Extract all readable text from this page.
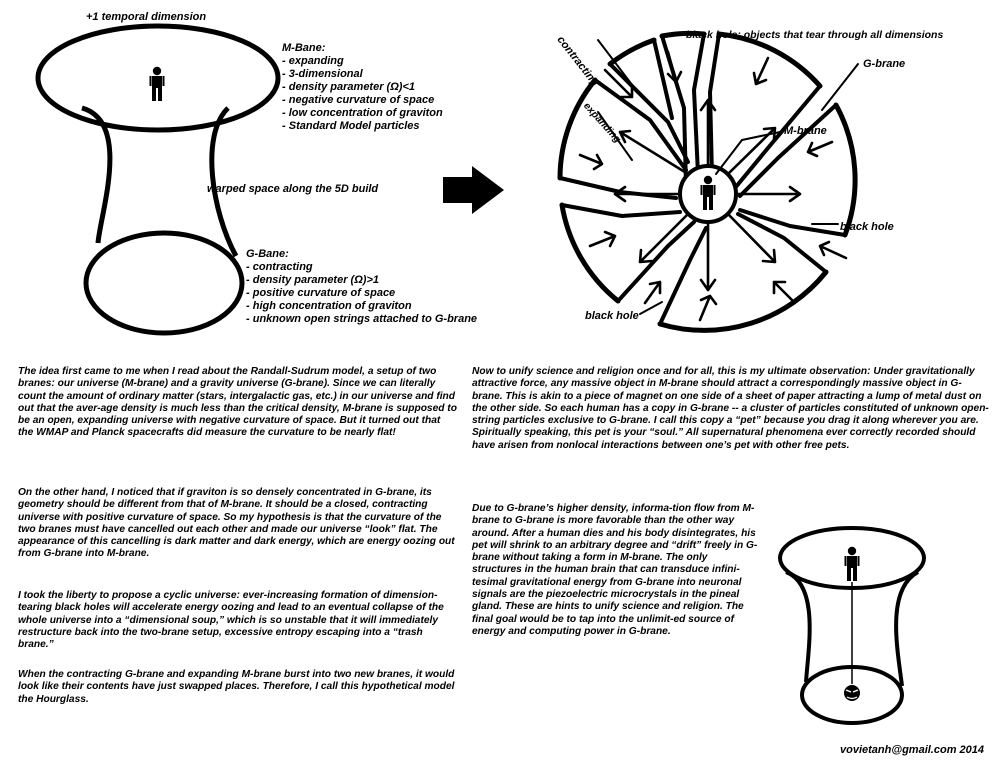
+1 temporal dimension

M-Bane:
- expanding
- 3-dimensional
- density parameter (Ω)<1
- negative curvature of space
- low concentration of graviton
- Standard Model particles

warped space along the 5D build

G-Bane:
- contracting
- density parameter (Ω)>1
- positive curvature of space
- high concentration of graviton
- unknown open strings attached to G-brane

contracting

expanding

black hole: objects that tear through all dimensions

G-brane

M-brane

black hole

black hole

The idea first came to me when I read about the Randall-Sudrum model, a setup of two branes: our universe (M-brane) and a gravity universe (G-brane). Since we can literally count the amount of ordinary matter (stars, intergalactic gas, etc.) in our universe and find out that the aver-age density is much less than the critical density, M-brane is supposed to be an open, expanding universe with negative curvature of space. But it turned out that the WMAP and Planck spacecrafts did measure the curvature to be nearly flat!

On the other hand, I noticed that if graviton is so densely concentrated in G-brane, its geometry should be different from that of M-brane. It should be a closed, contracting universe with positive curvature of space. So my hypothesis is that the curvature of the two branes must have cancelled out each other and made our universe “look” flat. The appearance of this cancelling is dark matter and dark energy, which are energy oozing out from G-brane into M-brane.

I took the liberty to propose a cyclic universe: ever-increasing formation of dimension-tearing black holes will accelerate energy oozing and lead to an eventual collapse of the whole universe into a “dimensional soup,” which is so unstable that it will immediately restructure back into the two-brane setup, excessive entropy escaping into a “trash brane.”

When the contracting G-brane and expanding M-brane burst into two new branes, it would look like their contents have just swapped places. Therefore, I call this hypothetical model the Hourglass.

Now to unify science and religion once and for all, this is my ultimate observation: Under gravitationally attractive force, any massive object in M-brane should attract a correspondingly massive object in G-brane. This is akin to a piece of magnet on one side of a sheet of paper attracting a lump of metal dust on the other side. So each human has a copy in G-brane -- a cluster of particles constituted of unknown open-string particles exclusive to G-brane. I call this copy a “pet” because you drag it along wherever you are. Spiritually speaking, this pet is your “soul.” All supernatural phenomena ever correctly recorded should have arisen from nonlocal interactions between one’s pet with other free pets.

Due to G-brane’s higher density, informa-tion flow from M-brane to G-brane is more favorable than the other way around. After a human dies and his body disintegrates, his pet will shrink to an arbitrary degree and “drift” freely in G-brane without taking a form in M-brane. The only structures in the human brain that can transduce infini-tesimal gravitational energy from G-brane into neuronal signals are the piezoelectric microcrystals in the pineal gland. These are hints to unify science and religion. The final goal would be to tap into the unlimit-ed source of energy and computing power in G-brane.

vovietanh@gmail.com 2014
